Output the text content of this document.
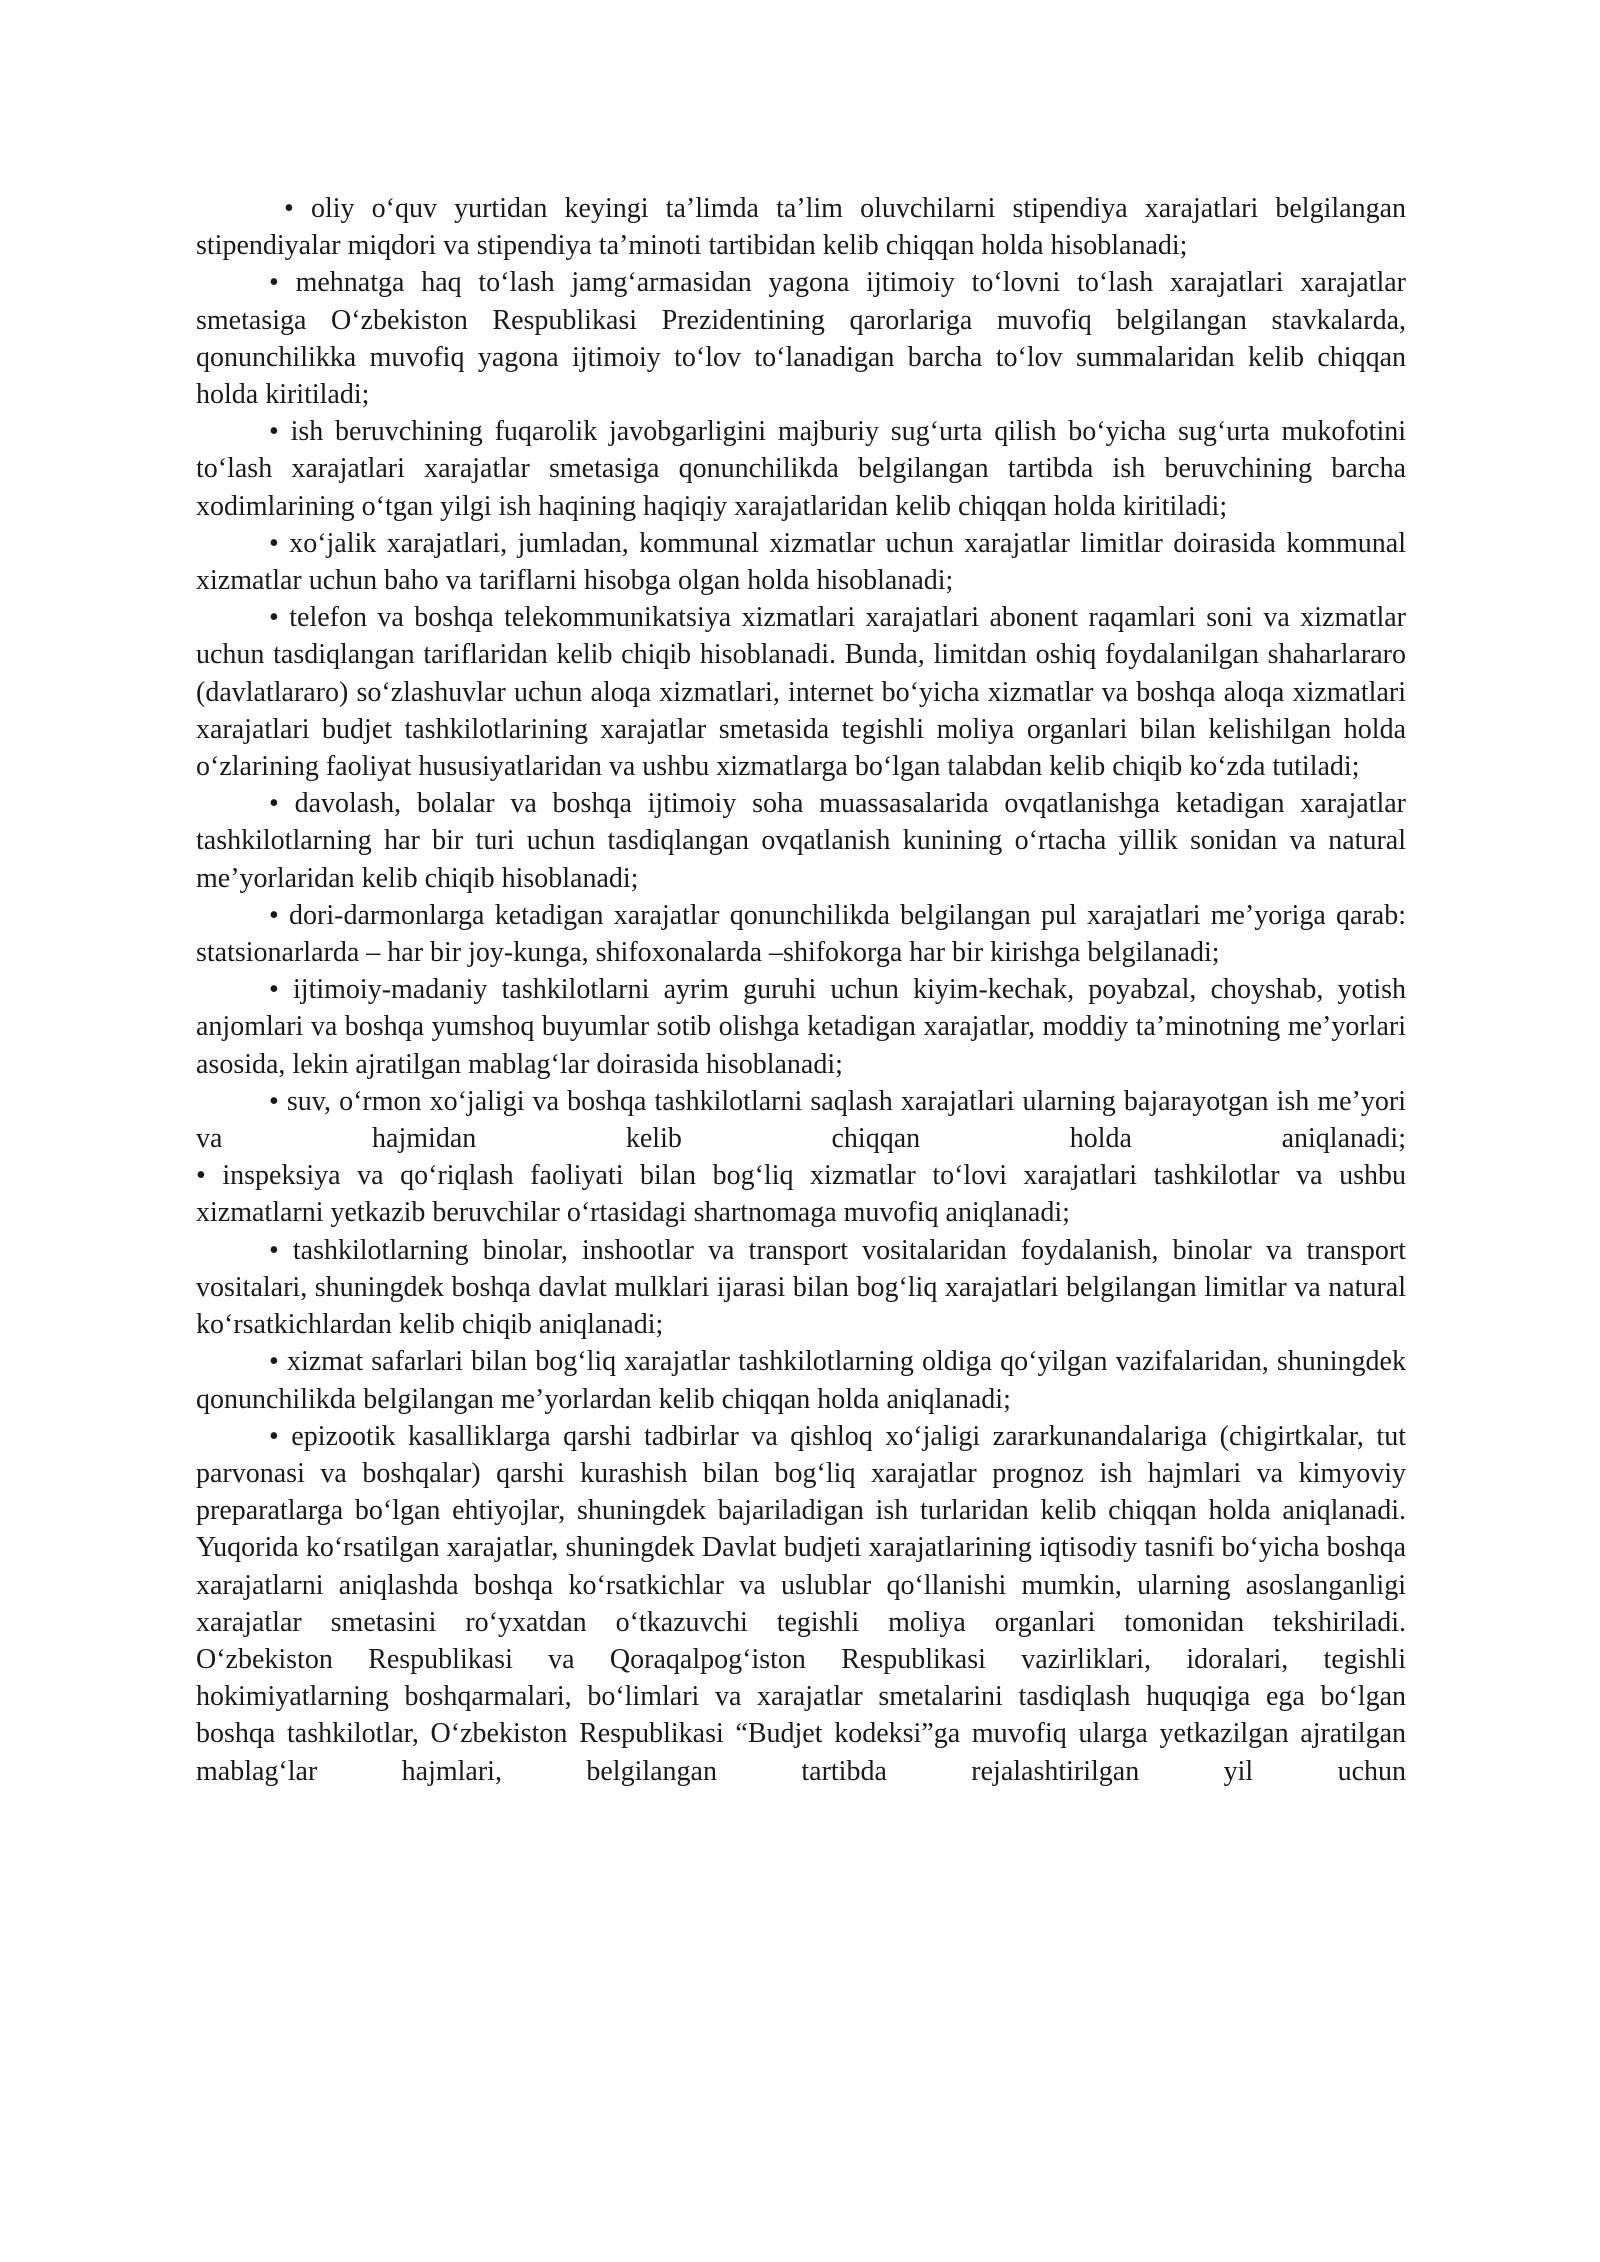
• oliy o‘quv yurtidan keyingi ta’limda ta’lim oluvchilarni stipendiya xarajatlari belgilangan stipendiyalar miqdori va stipendiya ta’minoti tartibidan kelib chiqqan holda hisoblanadi;

• mehnatga haq to‘lash jamg‘armasidan yagona ijtimoiy to‘lovni to‘lash xarajatlari xarajatlar smetasiga O‘zbekiston Respublikasi Prezidentining qarorlariga muvofiq belgilangan stavkalarda, qonunchilikka muvofiq yagona ijtimoiy to‘lov to‘lanadigan barcha to‘lov summalaridan kelib chiqqan holda kiritiladi;

• ish beruvchining fuqarolik javobgarligini majburiy sug‘urta qilish bo‘yicha sug‘urta mukofotini to‘lash xarajatlari xarajatlar smetasiga qonunchilikda belgilangan tartibda ish beruvchining barcha xodimlarining o‘tgan yilgi ish haqining haqiqiy xarajatlaridan kelib chiqqan holda kiritiladi;

• xo‘jalik xarajatlari, jumladan, kommunal xizmatlar uchun xarajatlar limitlar doirasida kommunal xizmatlar uchun baho va tariflarni hisobga olgan holda hisoblanadi;

• telefon va boshqa telekommunikatsiya xizmatlari xarajatlari abonent raqamlari soni va xizmatlar uchun tasdiqlangan tariflaridan kelib chiqib hisoblanadi. Bunda, limitdan oshiq foydalanilgan shaharlararo (davlatlararo) so‘zlashuvlar uchun aloqa xizmatlari, internet bo‘yicha xizmatlar va boshqa aloqa xizmatlari xarajatlari budjet tashkilotlarining xarajatlar smetasida tegishli moliya organlari bilan kelishilgan holda o‘zlarining faoliyat hususiyatlaridan va ushbu xizmatlarga bo‘lgan talabdan kelib chiqib ko‘zda tutiladi;

• davolash, bolalar va boshqa ijtimoiy soha muassasalarida ovqatlanishga ketadigan xarajatlar tashkilotlarning har bir turi uchun tasdiqlangan ovqatlanish kunining o‘rtacha yillik sonidan va natural me’yorlaridan kelib chiqib hisoblanadi;

• dori-darmonlarga ketadigan xarajatlar qonunchilikda belgilangan pul xarajatlari me’yoriga qarab: statsionarlarda – har bir joy-kunga, shifoxonalarda –shifokorga har bir kirishga belgilanadi;

• ijtimoiy-madaniy tashkilotlarni ayrim guruhi uchun kiyim-kechak, poyabzal, choyshab, yotish anjomlari va boshqa yumshoq buyumlar sotib olishga ketadigan xarajatlar, moddiy ta’minotning me’yorlari asosida, lekin ajratilgan mablag‘lar doirasida hisoblanadi;

• suv, o‘rmon xo‘jaligi va boshqa tashkilotlarni saqlash xarajatlari ularning bajarayotgan ish me’yori va hajmidan kelib chiqqan holda aniqlanadi;

• inspeksiya va qo‘riqlash faoliyati bilan bog‘liq xizmatlar to‘lovi xarajatlari tashkilotlar va ushbu xizmatlarni yetkazib beruvchilar o‘rtasidagi shartnomaga muvofiq aniqlanadi;

• tashkilotlarning binolar, inshootlar va transport vositalaridan foydalanish, binolar va transport vositalari, shuningdek boshqa davlat mulklari ijarasi bilan bog‘liq xarajatlari belgilangan limitlar va natural ko‘rsatkichlardan kelib chiqib aniqlanadi;

• xizmat safarlari bilan bog‘liq xarajatlar tashkilotlarning oldiga qo‘yilgan vazifalaridan, shuningdek qonunchilikda belgilangan me’yorlardan kelib chiqqan holda aniqlanadi;

• epizootik kasalliklarga qarshi tadbirlar va qishloq xo‘jaligi zararkunandalariga (chigirtkalar, tut parvonasi va boshqalar) qarshi kurashish bilan bog‘liq xarajatlar prognoz ish hajmlari va kimyoviy preparatlarga bo‘lgan ehtiyojlar, shuningdek bajariladigan ish turlaridan kelib chiqqan holda aniqlanadi.

Yuqorida ko‘rsatilgan xarajatlar, shuningdek Davlat budjeti xarajatlarining iqtisodiy tasnifi bo‘yicha boshqa xarajatlarni aniqlashda boshqa ko‘rsatkichlar va uslublar qo‘llanishi mumkin, ularning asoslanganligi xarajatlar smetasini ro‘yxatdan o‘tkazuvchi tegishli moliya organlari tomonidan tekshiriladi.

O‘zbekiston Respublikasi va Qoraqalpog‘iston Respublikasi vazirliklari, idoralari, tegishli hokimiyatlarning boshqarmalari, bo‘limlari va xarajatlar smetalarini tasdiqlash huquqiga ega bo‘lgan boshqa tashkilotlar, O‘zbekiston Respublikasi “Budjet kodeksi”ga muvofiq ularga yetkazilgan ajratilgan mablag‘lar hajmlari, belgilangan tartibda rejalashtirilgan yil uchun
